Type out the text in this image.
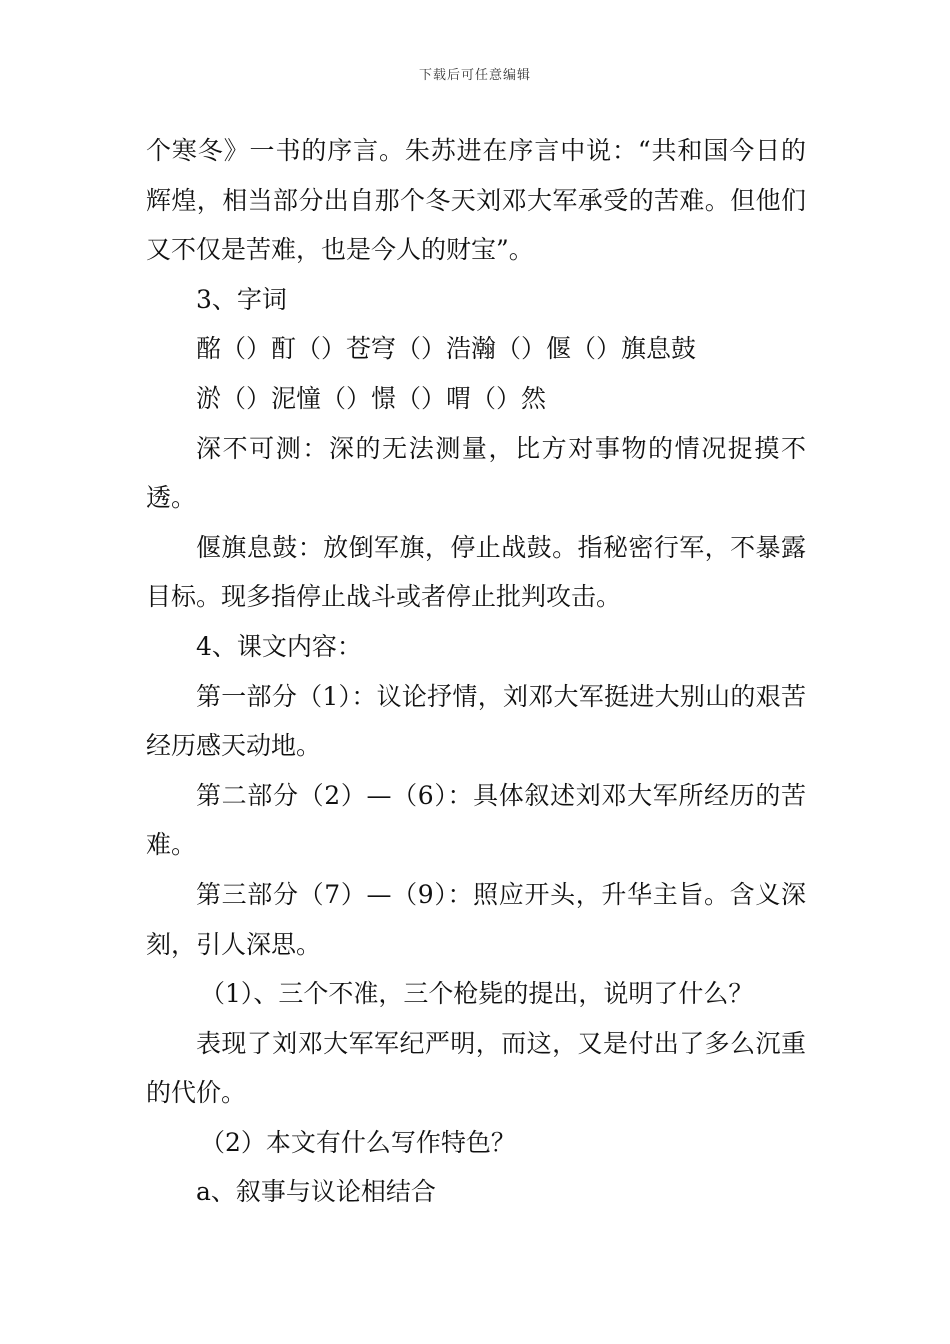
下载后可任意编辑

个寒冬》一书的序言。朱苏进在序言中说：“共和国今日的辉煌，相当部分出自那个冬天刘邓大军承受的苦难。但他们又不仅是苦难，也是今人的财宝”。

3、字词

酩（）酊（）苍穹（）浩瀚（）偃（）旗息鼓

淤（）泥憧（）憬（）喟（）然

深不可测：深的无法测量，比方对事物的情况捉摸不透。

偃旗息鼓：放倒军旗，停止战鼓。指秘密行军，不暴露目标。现多指停止战斗或者停止批判攻击。

4、课文内容：

第一部分（1）：议论抒情，刘邓大军挺进大别山的艰苦经历感天动地。

第二部分（2）—（6）：具体叙述刘邓大军所经历的苦难。

第三部分（7）—（9）：照应开头，升华主旨。含义深刻，引人深思。

（1）、三个不准，三个枪毙的提出，说明了什么？

表现了刘邓大军军纪严明，而这，又是付出了多么沉重的代价。

（2）本文有什么写作特色？

a、叙事与议论相结合
